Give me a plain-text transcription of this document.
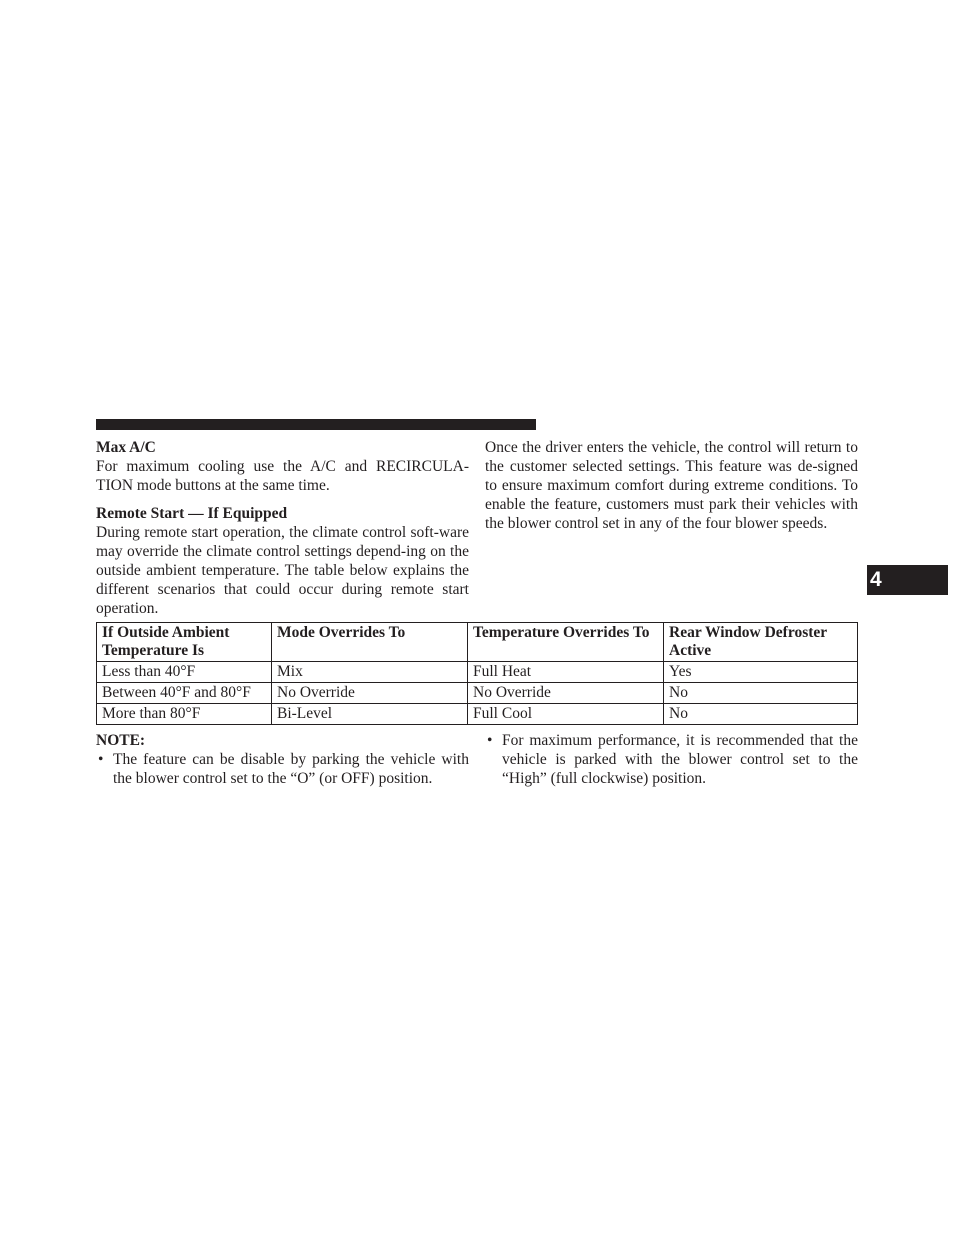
Max A/C

For maximum cooling use the A/C and RECIRCULA-TION mode buttons at the same time.

Remote Start — If Equipped

During remote start operation, the climate control soft-ware may override the climate control settings depend-ing on the outside ambient temperature. The table below explains the different scenarios that could occur during remote start operation.

Once the driver enters the vehicle, the control will return to the customer selected settings. This feature was de-signed to ensure maximum comfort during extreme conditions. To enable the feature, customers must park their vehicles with the blower control set in any of the four blower speeds.

4
If Outside Ambient Temperature Is	Mode Overrides To	Temperature Overrides To	Rear Window Defroster Active
Less than 40°F	Mix	Full Heat	Yes
Between 40°F and 80°F	No Override	No Override	No
More than 80°F	Bi-Level	Full Cool	No
NOTE:
• The feature can be disable by parking the vehicle with the blower control set to the “O” (or OFF) position.
• For maximum performance, it is recommended that the vehicle is parked with the blower control set to the “High” (full clockwise) position.
